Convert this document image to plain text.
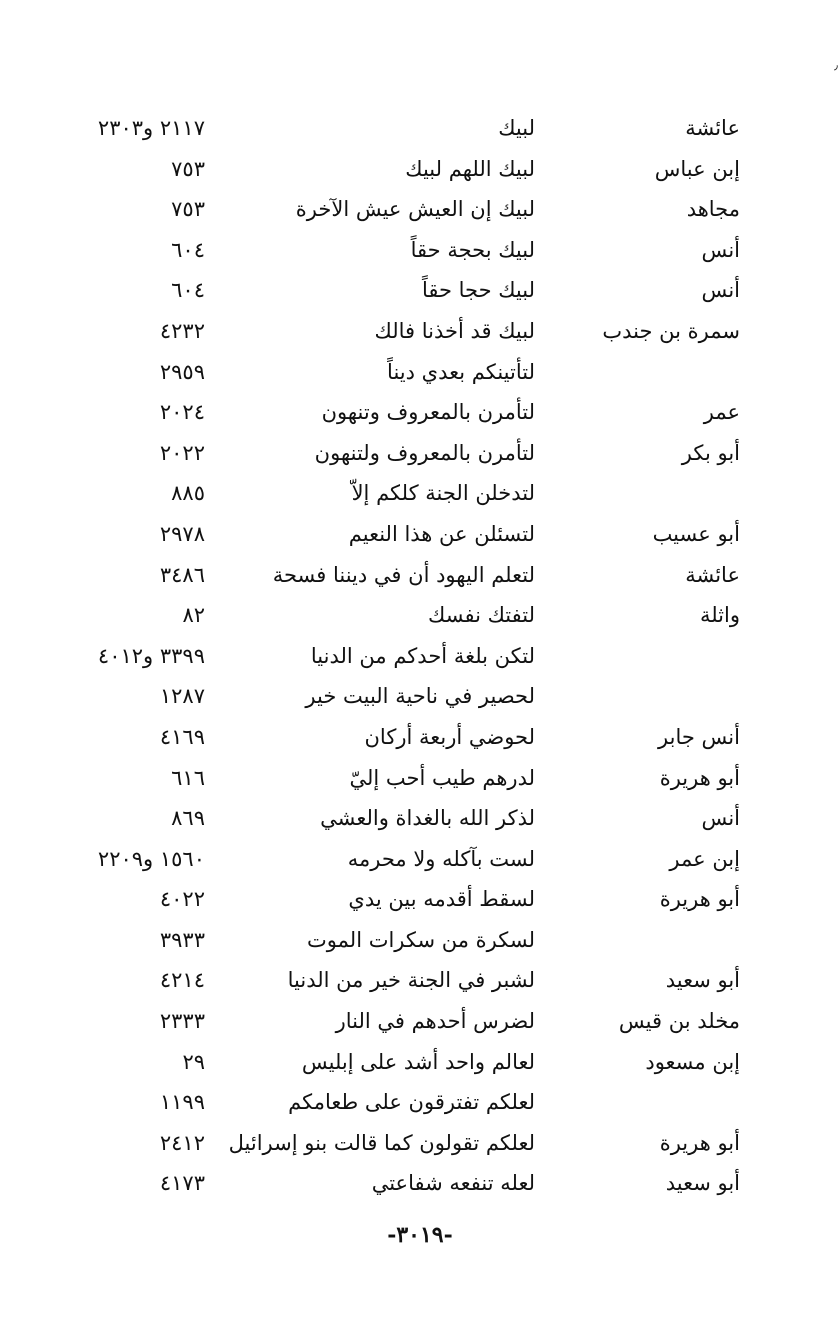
٫
عائشة
لبيك
٢١١٧ و٢٣٠٣
إبن عباس
لبيك اللهم لبيك
٧٥٣
مجاهد
لبيك إن العيش عيش الآخرة
٧٥٣
أنس
لبيك بحجة حقاً
٦٠٤
أنس
لبيك حجا حقاً
٦٠٤
سمرة بن جندب
لبيك قد أخذنا فالك
٤٢٣٢
لتأتينكم بعدي ديناً
٢٩٥٩
عمر
لتأمرن بالمعروف وتنهون
٢٠٢٤
أبو بكر
لتأمرن بالمعروف ولتنهون
٢٠٢٢
لتدخلن الجنة كلكم إلاّ
٨٨٥
أبو عسيب
لتسئلن عن هذا النعيم
٢٩٧٨
عائشة
لتعلم اليهود أن في ديننا فسحة
٣٤٨٦
واثلة
لتفتك نفسك
٨٢
لتكن بلغة أحدكم من الدنيا
٣٣٩٩ و٤٠١٢
لحصير في ناحية البيت خير
١٢٨٧
أنس جابر
لحوضي أربعة أركان
٤١٦٩
أبو هريرة
لدرهم طيب أحب إليّ
٦١٦
أنس
لذكر الله بالغداة والعشي
٨٦٩
إبن عمر
لست بآكله ولا محرمه
١٥٦٠ و٢٢٠٩
أبو هريرة
لسقط أقدمه بين يدي
٤٠٢٢
لسكرة من سكرات الموت
٣٩٣٣
أبو سعيد
لشبر في الجنة خير من الدنيا
٤٢١٤
مخلد بن قيس
لضرس أحدهم في النار
٢٣٣٣
إبن مسعود
لعالم واحد أشد على إبليس
٢٩
لعلكم تفترقون على طعامكم
١١٩٩
أبو هريرة
لعلكم تقولون كما قالت بنو إسرائيل
٢٤١٢
أبو سعيد
لعله تنفعه شفاعتي
٤١٧٣
-٣٠١٩-
